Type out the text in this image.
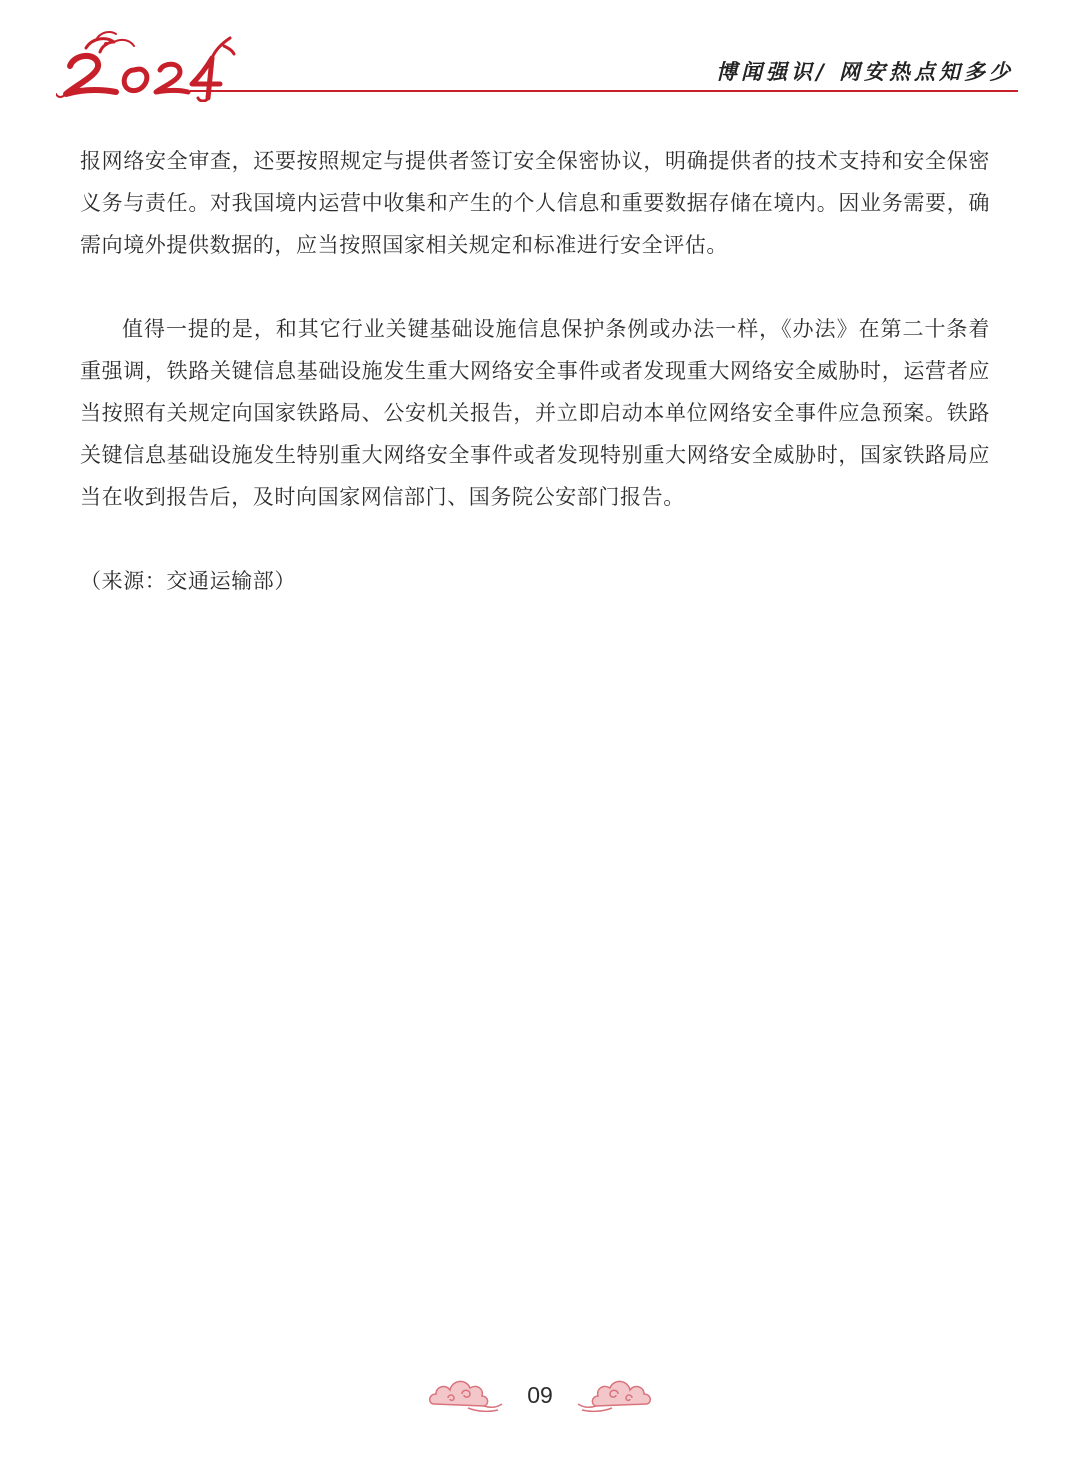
博闻强识/ 网安热点知多少

报网络安全审查，还要按照规定与提供者签订安全保密协议，明确提供者的技术支持和安全保密义务与责任。对我国境内运营中收集和产生的个人信息和重要数据存储在境内。因业务需要，确需向境外提供数据的，应当按照国家相关规定和标准进行安全评估。

值得一提的是，和其它行业关键基础设施信息保护条例或办法一样，《办法》在第二十条着重强调，铁路关键信息基础设施发生重大网络安全事件或者发现重大网络安全威胁时，运营者应当按照有关规定向国家铁路局、公安机关报告，并立即启动本单位网络安全事件应急预案。铁路关键信息基础设施发生特别重大网络安全事件或者发现特别重大网络安全威胁时，国家铁路局应当在收到报告后，及时向国家网信部门、国务院公安部门报告。

（来源：交通运输部）
09
